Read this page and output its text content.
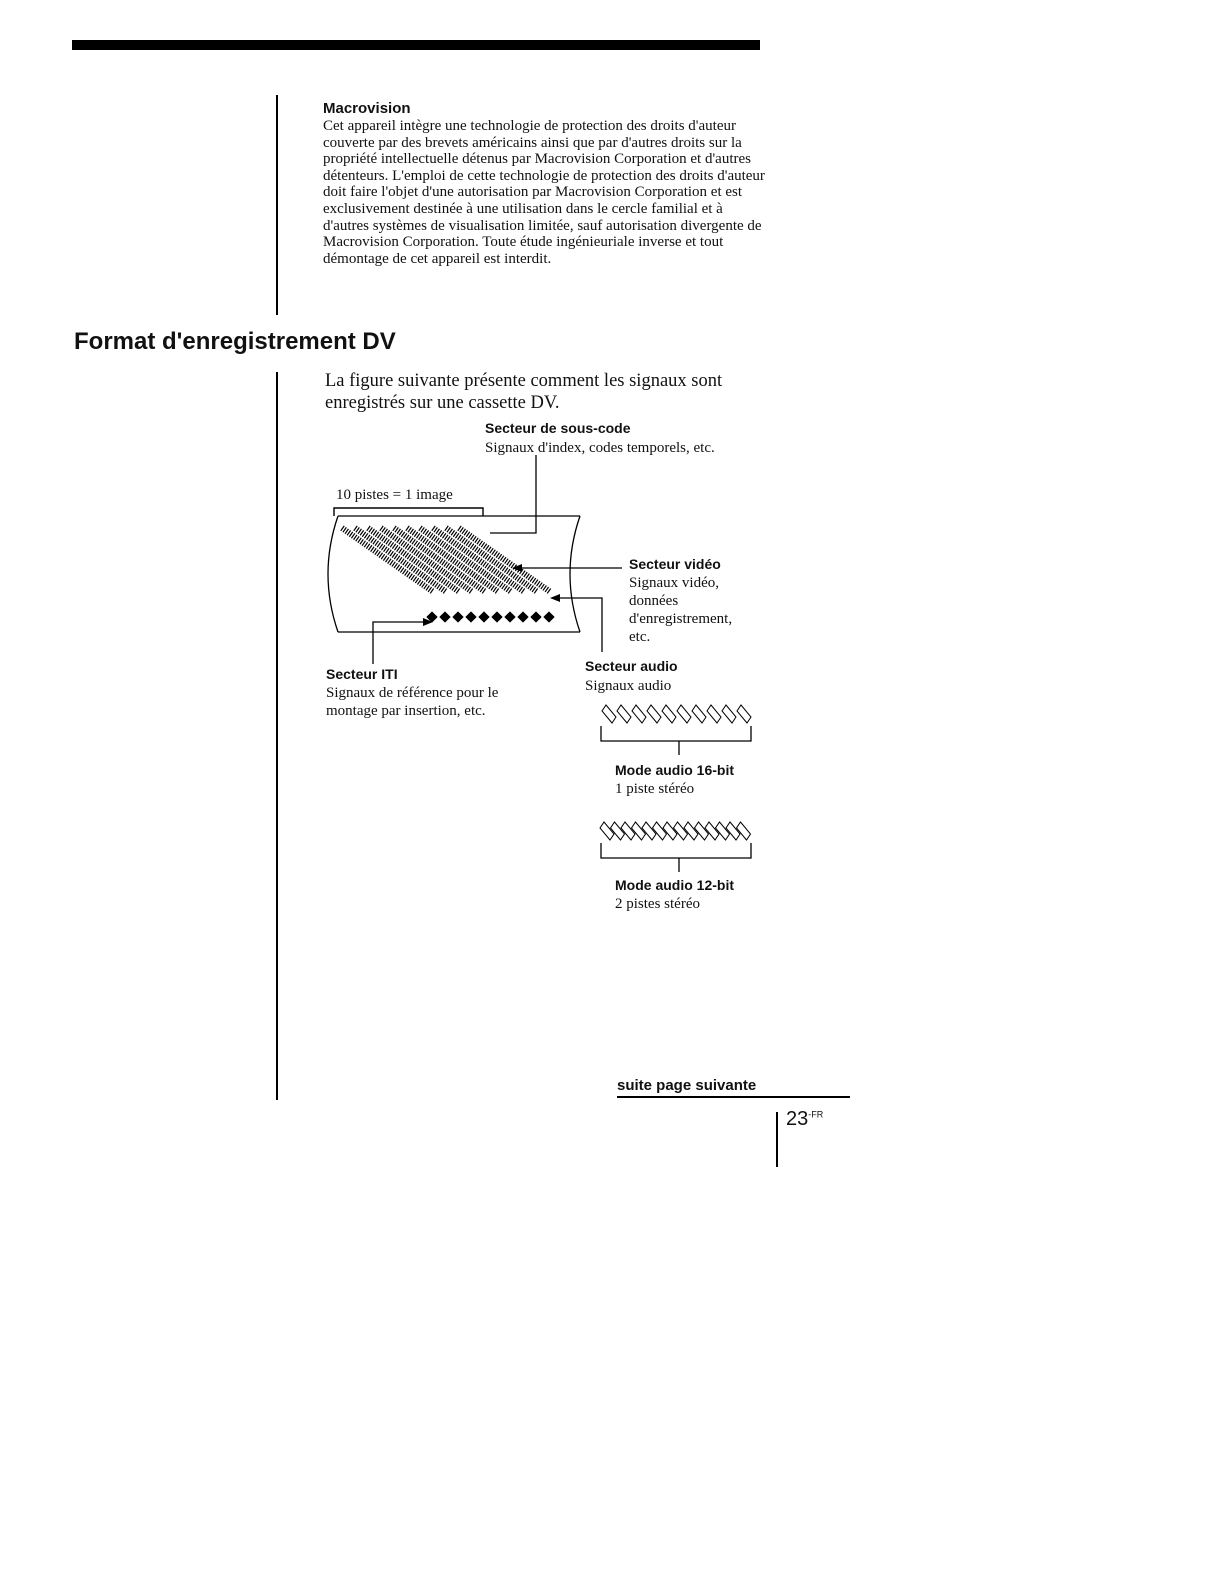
Macrovision
Cet appareil intègre une technologie de protection des droits d'auteur couverte par des brevets américains ainsi que par d'autres droits sur la propriété intellectuelle détenus par Macrovision Corporation et d'autres détenteurs. L'emploi de cette technologie de protection des droits d'auteur doit faire l'objet d'une autorisation par Macrovision Corporation et est exclusivement destinée à une utilisation dans le cercle familial et à d'autres systèmes de visualisation limitée, sauf autorisation divergente de Macrovision Corporation. Toute étude ingénieuriale inverse et tout démontage de cet appareil est interdit.
Format d'enregistrement DV
La figure suivante présente comment les signaux sont enregistrés sur une cassette DV.
Secteur de sous-code
Signaux d'index, codes temporels, etc.
10 pistes = 1 image
Secteur vidéo
Signaux vidéo,
données
d'enregistrement,
etc.
Secteur ITI
Signaux de référence pour le
montage par insertion, etc.
Secteur audio
Signaux audio
Mode audio 16-bit
1 piste stéréo
Mode audio 12-bit
2 pistes stéréo
suite page suivante
$23^{-FR}$
